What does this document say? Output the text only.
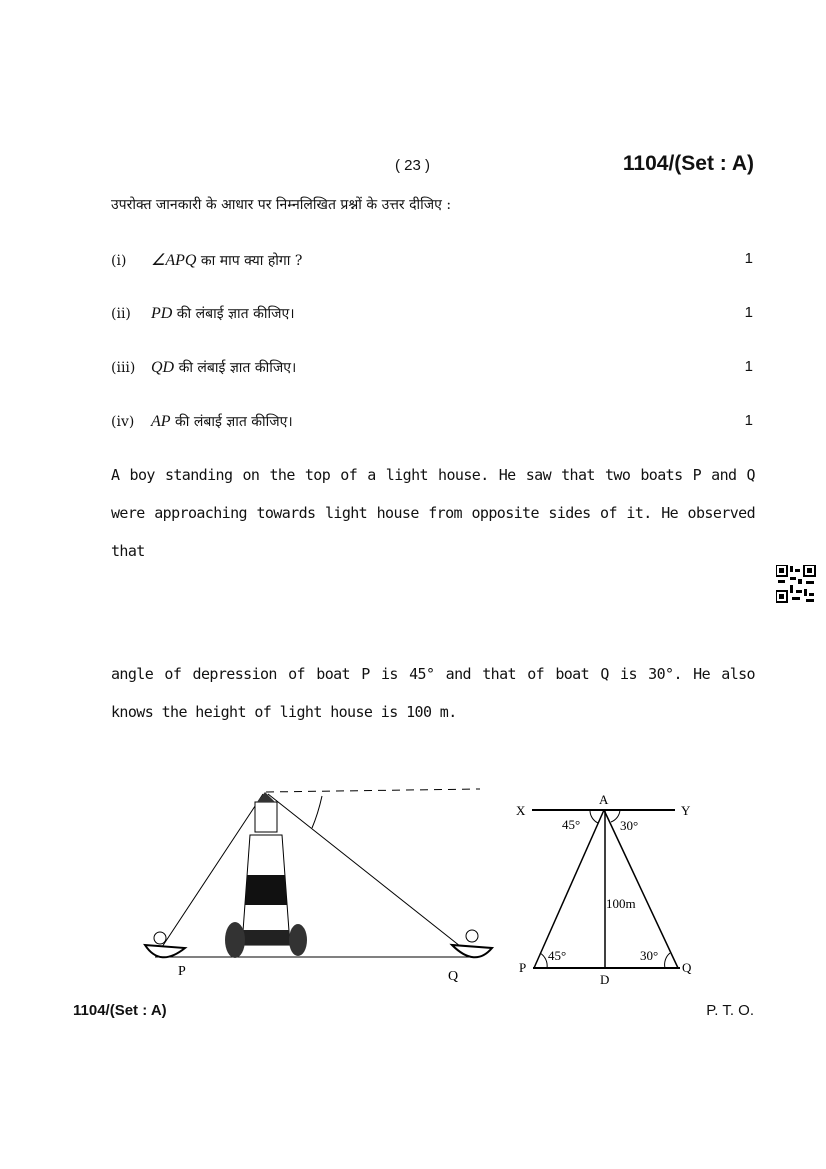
( 23 )	1104/(Set : A)
उपरोक्त जानकारी के आधार पर निम्नलिखित प्रश्नों के उत्तर दीजिए :
(i) ∠APQ का माप क्या होगा ?	1
(ii) PD की लंबाई ज्ञात कीजिए।	1
(iii) QD की लंबाई ज्ञात कीजिए।	1
(iv) AP की लंबाई ज्ञात कीजिए।	1
A boy standing on the top of a light house. He saw that two boats P and Q were approaching towards light house from opposite sides of it. He observed that
angle of depression of boat P is 45° and that of boat Q is 30°. He also knows the height of light house is 100 m.
P	Q
A
X	Y
45°	30°
100m
45°	30°
P	Q
D
1104/(Set : A)	P. T. O.
